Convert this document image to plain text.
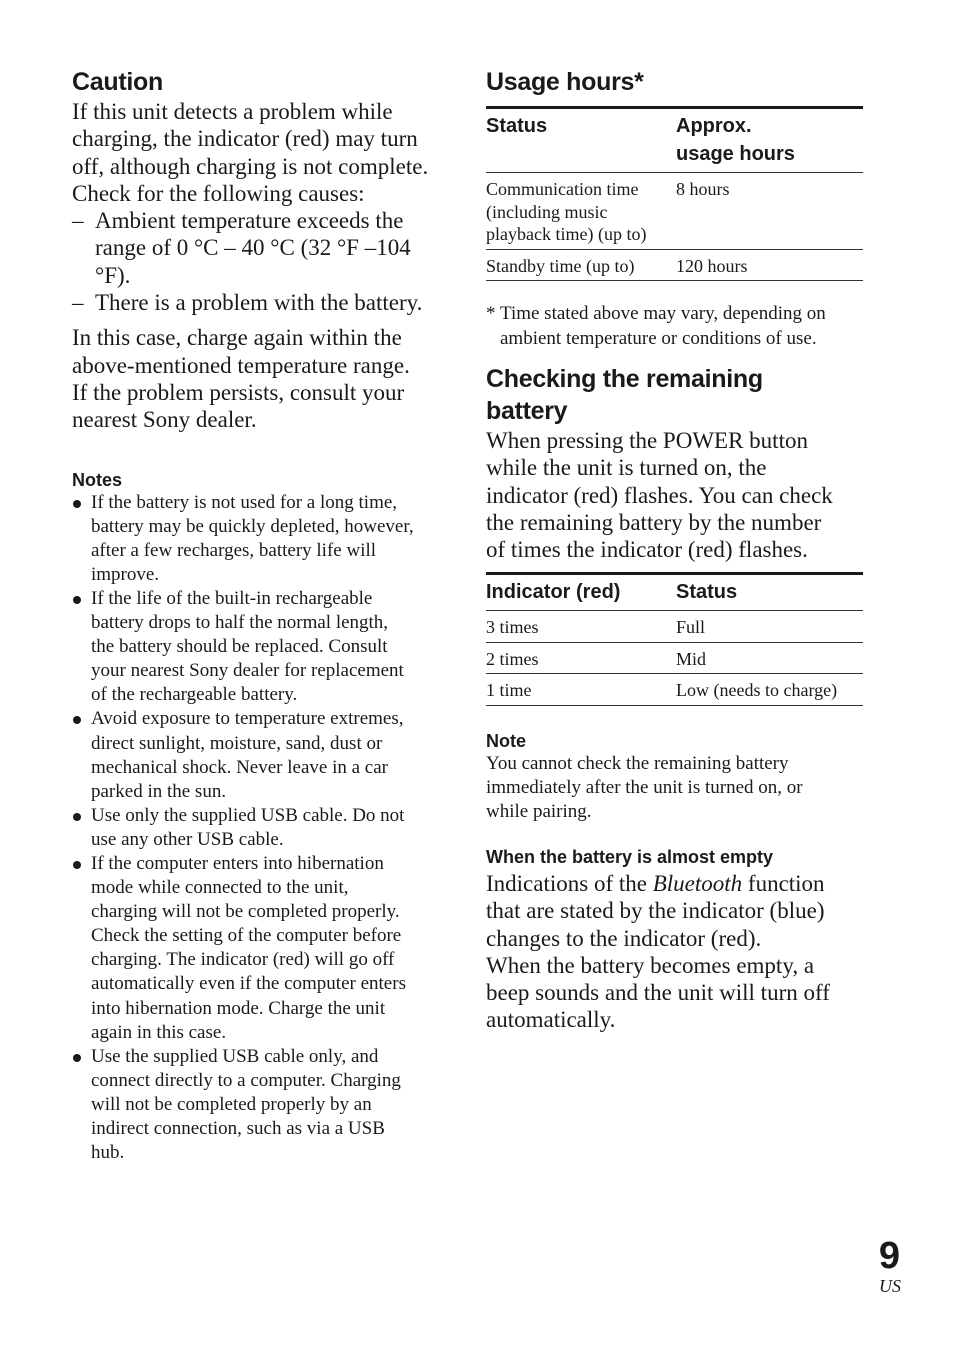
Caution
If this unit detects a problem while
charging, the indicator (red) may turn
off, although charging is not complete.
Check for the following causes:
– Ambient temperature exceeds the
range of 0 °C – 40 °C (32 °F –104
°F).
– There is a problem with the battery.
In this case, charge again within the
above-mentioned temperature range.
If the problem persists, consult your
nearest Sony dealer.
Notes
If the battery is not used for a long time,
battery may be quickly depleted, however,
after a few recharges, battery life will
improve.
If the life of the built-in rechargeable
battery drops to half the normal length,
the battery should be replaced. Consult
your nearest Sony dealer for replacement
of the rechargeable battery.
Avoid exposure to temperature extremes,
direct sunlight, moisture, sand, dust or
mechanical shock. Never leave in a car
parked in the sun.
Use only the supplied USB cable. Do not
use any other USB cable.
If the computer enters into hibernation
mode while connected to the unit,
charging will not be completed properly.
Check the setting of the computer before
charging. The indicator (red) will go off
automatically even if the computer enters
into hibernation mode. Charge the unit
again in this case.
Use the supplied USB cable only, and
connect directly to a computer. Charging
will not be completed properly by an
indirect connection, such as via a USB
hub.
Usage hours*
Status	Approx.
usage hours

Communication time
(including music
playback time) (up to)	8 hours

Standby time (up to)	120 hours
* Time stated above may vary, depending on
ambient temperature or conditions of use.
Checking the remaining
battery
When pressing the POWER button
while the unit is turned on, the
indicator (red) flashes. You can check
the remaining battery by the number
of times the indicator (red) flashes.
Indicator (red)	Status
3 times	Full
2 times	Mid
1 time	Low (needs to charge)
Note
You cannot check the remaining battery
immediately after the unit is turned on, or
while pairing.
When the battery is almost empty
Indications of the Bluetooth function
that are stated by the indicator (blue)
changes to the indicator (red).
When the battery becomes empty, a
beep sounds and the unit will turn off
automatically.
9
US
